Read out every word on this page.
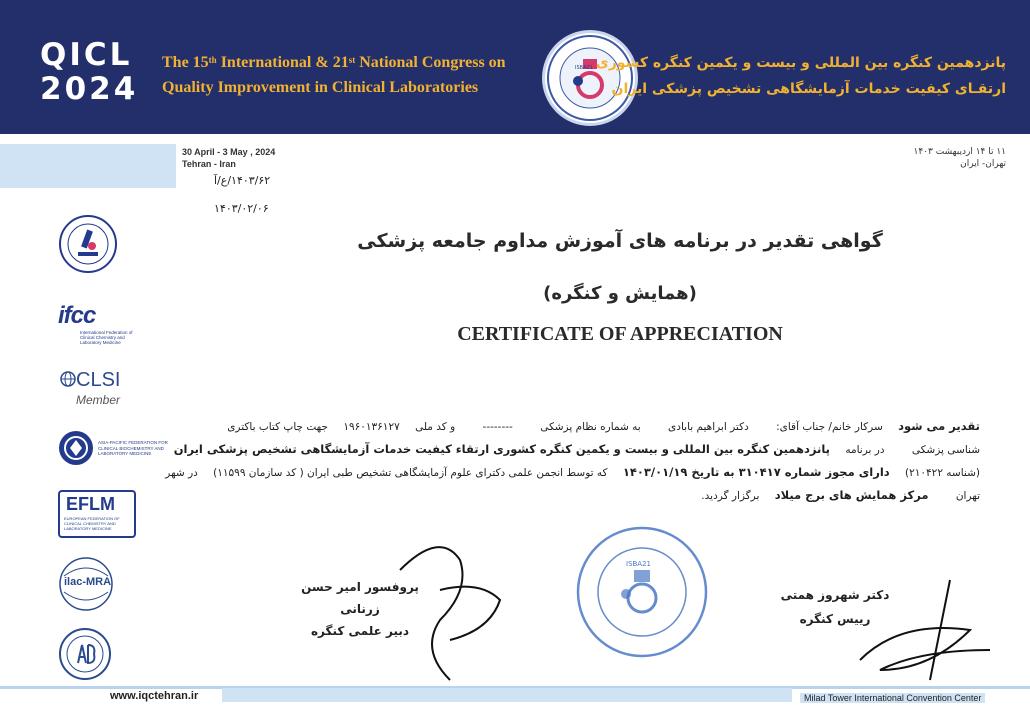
QICL
2024
The 15th International & 21st National Congress on
Quality Improvement in Clinical Laboratories
ISBA21 پانزدهمین کنگره بین المللی و بیست و یکمین کنگره کشوری
ارتقـای کیفیت خدمات آزمایشگاهی تشخیص پزشکی ایران
30 April - 3 May , 2024
Tehran - Iran
۱۱ تا ۱۴ اردیبهشت ۱۴۰۳
تهران- ایران
۱۴۰۳/۶۲/ع/آ
۱۴۰۳/۰۲/۰۶
گواهی تقدیر در برنامه های آموزش مداوم جامعه پزشکی
(همایش و کنگره)
CERTIFICATE OF APPRECIATION
تقدیر می شود سرکار خانم/ جناب آقای: دکتر ابراهیم بابادی به شماره نظام پزشکی -------- و کد ملی ۱۹۶۰۱۳۶۱۲۷ جهت چاپ کتاب باکتری
شناسی پزشکی در برنامه پانزدهمین کنگره بین المللی و بیست و یکمین کنگره کشوری ارتقاء کیفیت خدمات آزمایشگاهی تشخیص پزشکی ایران
(شناسه ۲۱۰۴۲۲) دارای مجوز شماره ۳۱۰۴۱۷ به تاریخ ۱۴۰۳/۰۱/۱۹ که توسط انجمن علمی دکترای علوم آزمایشگاهی تشخیص طبی ایران ( کد سازمان ۱۱۵۹۹) در شهر
تهران مرکز همایش های برج میلاد برگزار گردید.
ifcc
International Federation of Clinical Chemistry and Laboratory Medicine
CLSI
Member
ASIA-PACIFIC FEDERATION FOR CLINICAL BIOCHEMISTRY AND LABORATORY MEDICINE
EFLM
EUROPEAN FEDERATION OF CLINICAL CHEMISTRY AND LABORATORY MEDICINE
ilac-MRA	پروفسور امیر حسن زرنانی
دبیر علمی کنگره
ISBA21
دکتر شهروز همتی
رییس کنگره
www.iqctehran.ir	Milad Tower International Convention Center
